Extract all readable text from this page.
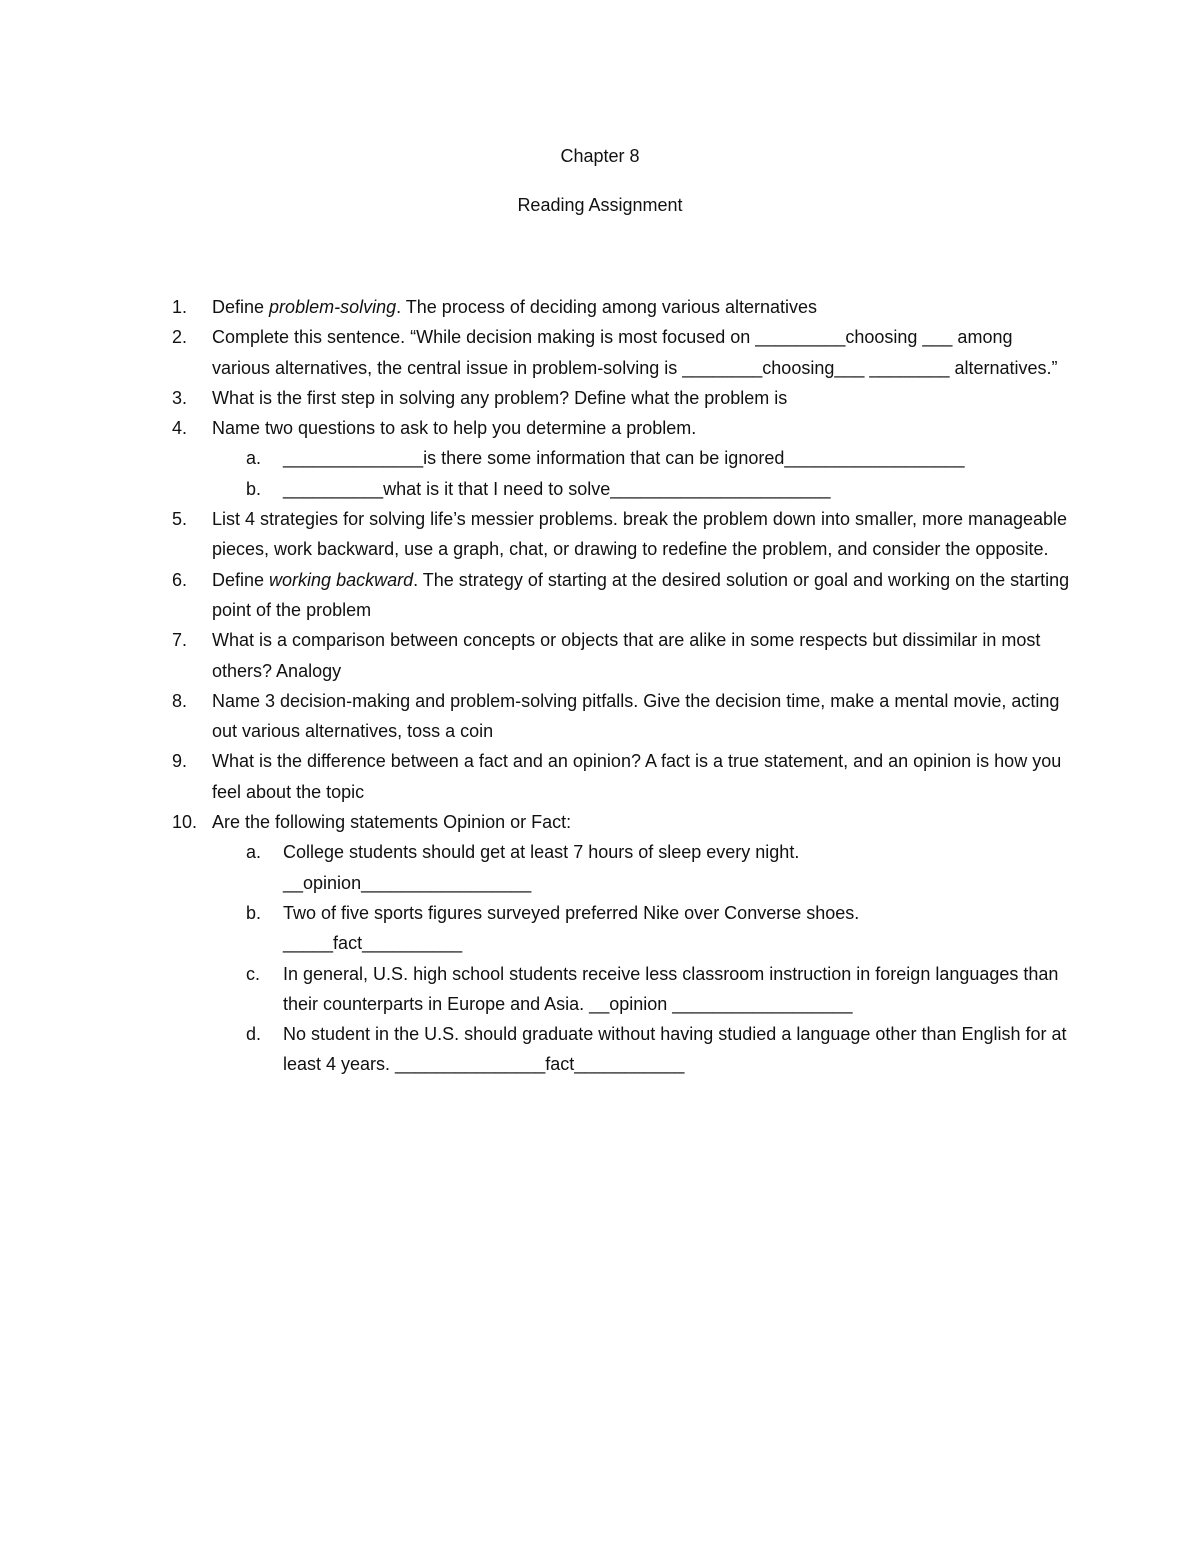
Chapter 8
Reading Assignment
1. Define problem-solving. The process of deciding among various alternatives
2. Complete this sentence. “While decision making is most focused on _________choosing ___ among various alternatives, the central issue in problem-solving is ________choosing___ ________ alternatives.”
3. What is the first step in solving any problem? Define what the problem is
4. Name two questions to ask to help you determine a problem.
a. ______________is there some information that can be ignored__________________
b. __________what is it that I need to solve______________________
5. List 4 strategies for solving life’s messier problems. break the problem down into smaller, more manageable pieces, work backward, use a graph, chat, or drawing to redefine the problem, and consider the opposite.
6. Define working backward. The strategy of starting at the desired solution or goal and working on the starting point of the problem
7. What is a comparison between concepts or objects that are alike in some respects but dissimilar in most others? Analogy
8. Name 3 decision-making and problem-solving pitfalls. Give the decision time, make a mental movie, acting out various alternatives, toss a coin
9. What is the difference between a fact and an opinion? A fact is a true statement, and an opinion is how you feel about the topic
10. Are the following statements Opinion or Fact:
a. College students should get at least 7 hours of sleep every night.
__opinion_________________
b. Two of five sports figures surveyed preferred Nike over Converse shoes.
_____fact__________
c. In general, U.S. high school students receive less classroom instruction in foreign languages than their counterparts in Europe and Asia. __opinion __________________
d. No student in the U.S. should graduate without having studied a language other than English for at least 4 years. _______________fact___________
